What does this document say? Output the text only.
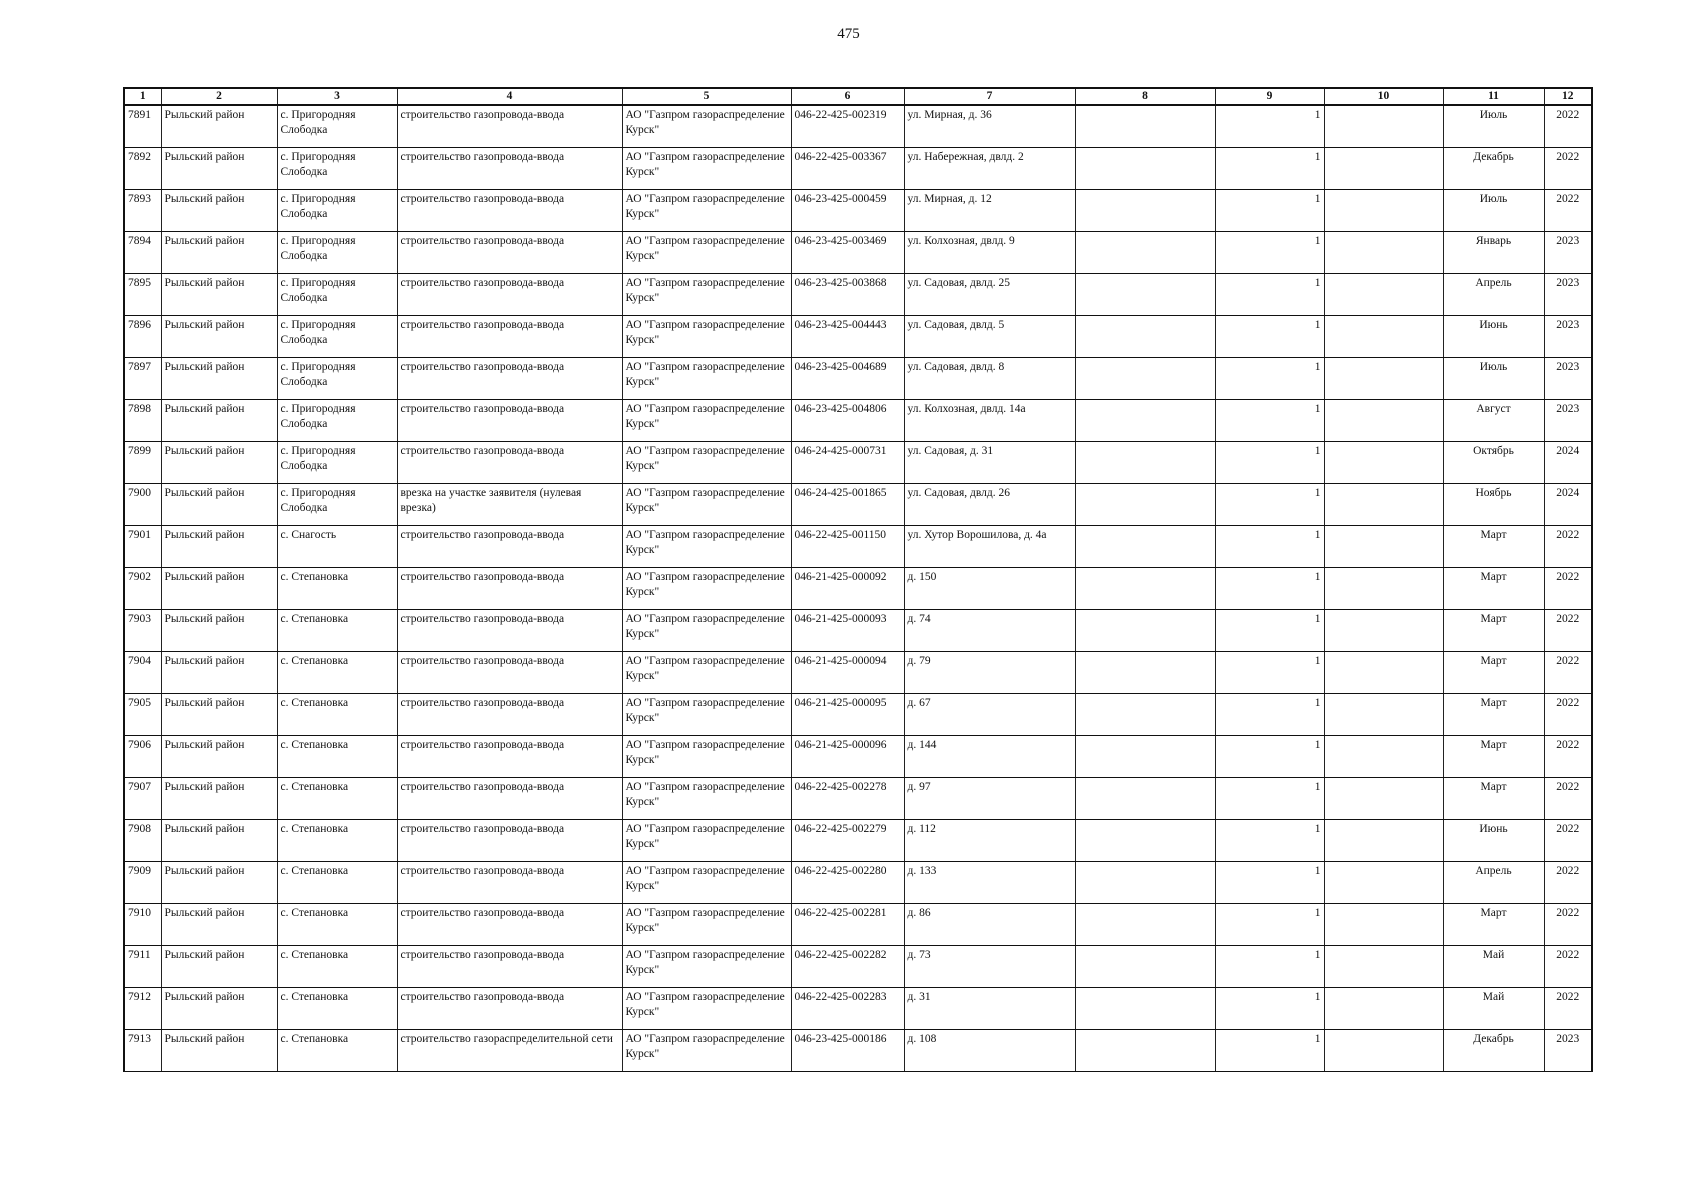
475
1	2	3	4	5	6	7	8	9	10	11	12
7891	Рыльский район	с. Пригородняя Слободка	строительство газопровода-ввода	АО "Газпром газораспределение Курск"	046-22-425-002319	ул. Мирная, д. 36		1		Июль	2022
7892	Рыльский район	с. Пригородняя Слободка	строительство газопровода-ввода	АО "Газпром газораспределение Курск"	046-22-425-003367	ул. Набережная, двлд. 2		1		Декабрь	2022
7893	Рыльский район	с. Пригородняя Слободка	строительство газопровода-ввода	АО "Газпром газораспределение Курск"	046-23-425-000459	ул. Мирная, д. 12		1		Июль	2022
7894	Рыльский район	с. Пригородняя Слободка	строительство газопровода-ввода	АО "Газпром газораспределение Курск"	046-23-425-003469	ул. Колхозная, двлд. 9		1		Январь	2023
7895	Рыльский район	с. Пригородняя Слободка	строительство газопровода-ввода	АО "Газпром газораспределение Курск"	046-23-425-003868	ул. Садовая, двлд. 25		1		Апрель	2023
7896	Рыльский район	с. Пригородняя Слободка	строительство газопровода-ввода	АО "Газпром газораспределение Курск"	046-23-425-004443	ул. Садовая, двлд. 5		1		Июнь	2023
7897	Рыльский район	с. Пригородняя Слободка	строительство газопровода-ввода	АО "Газпром газораспределение Курск"	046-23-425-004689	ул. Садовая, двлд. 8		1		Июль	2023
7898	Рыльский район	с. Пригородняя Слободка	строительство газопровода-ввода	АО "Газпром газораспределение Курск"	046-23-425-004806	ул. Колхозная, двлд. 14а		1		Август	2023
7899	Рыльский район	с. Пригородняя Слободка	строительство газопровода-ввода	АО "Газпром газораспределение Курск"	046-24-425-000731	ул. Садовая, д. 31		1		Октябрь	2024
7900	Рыльский район	с. Пригородняя Слободка	врезка на участке заявителя (нулевая врезка)	АО "Газпром газораспределение Курск"	046-24-425-001865	ул. Садовая, двлд. 26		1		Ноябрь	2024
7901	Рыльский район	с. Снагость	строительство газопровода-ввода	АО "Газпром газораспределение Курск"	046-22-425-001150	ул. Хутор Ворошилова, д. 4а		1		Март	2022
7902	Рыльский район	с. Степановка	строительство газопровода-ввода	АО "Газпром газораспределение Курск"	046-21-425-000092	д. 150		1		Март	2022
7903	Рыльский район	с. Степановка	строительство газопровода-ввода	АО "Газпром газораспределение Курск"	046-21-425-000093	д. 74		1		Март	2022
7904	Рыльский район	с. Степановка	строительство газопровода-ввода	АО "Газпром газораспределение Курск"	046-21-425-000094	д. 79		1		Март	2022
7905	Рыльский район	с. Степановка	строительство газопровода-ввода	АО "Газпром газораспределение Курск"	046-21-425-000095	д. 67		1		Март	2022
7906	Рыльский район	с. Степановка	строительство газопровода-ввода	АО "Газпром газораспределение Курск"	046-21-425-000096	д. 144		1		Март	2022
7907	Рыльский район	с. Степановка	строительство газопровода-ввода	АО "Газпром газораспределение Курск"	046-22-425-002278	д. 97		1		Март	2022
7908	Рыльский район	с. Степановка	строительство газопровода-ввода	АО "Газпром газораспределение Курск"	046-22-425-002279	д. 112		1		Июнь	2022
7909	Рыльский район	с. Степановка	строительство газопровода-ввода	АО "Газпром газораспределение Курск"	046-22-425-002280	д. 133		1		Апрель	2022
7910	Рыльский район	с. Степановка	строительство газопровода-ввода	АО "Газпром газораспределение Курск"	046-22-425-002281	д. 86		1		Март	2022
7911	Рыльский район	с. Степановка	строительство газопровода-ввода	АО "Газпром газораспределение Курск"	046-22-425-002282	д. 73		1		Май	2022
7912	Рыльский район	с. Степановка	строительство газопровода-ввода	АО "Газпром газораспределение Курск"	046-22-425-002283	д. 31		1		Май	2022
7913	Рыльский район	с. Степановка	строительство газораспределительной сети	АО "Газпром газораспределение Курск"	046-23-425-000186	д. 108		1		Декабрь	2023
